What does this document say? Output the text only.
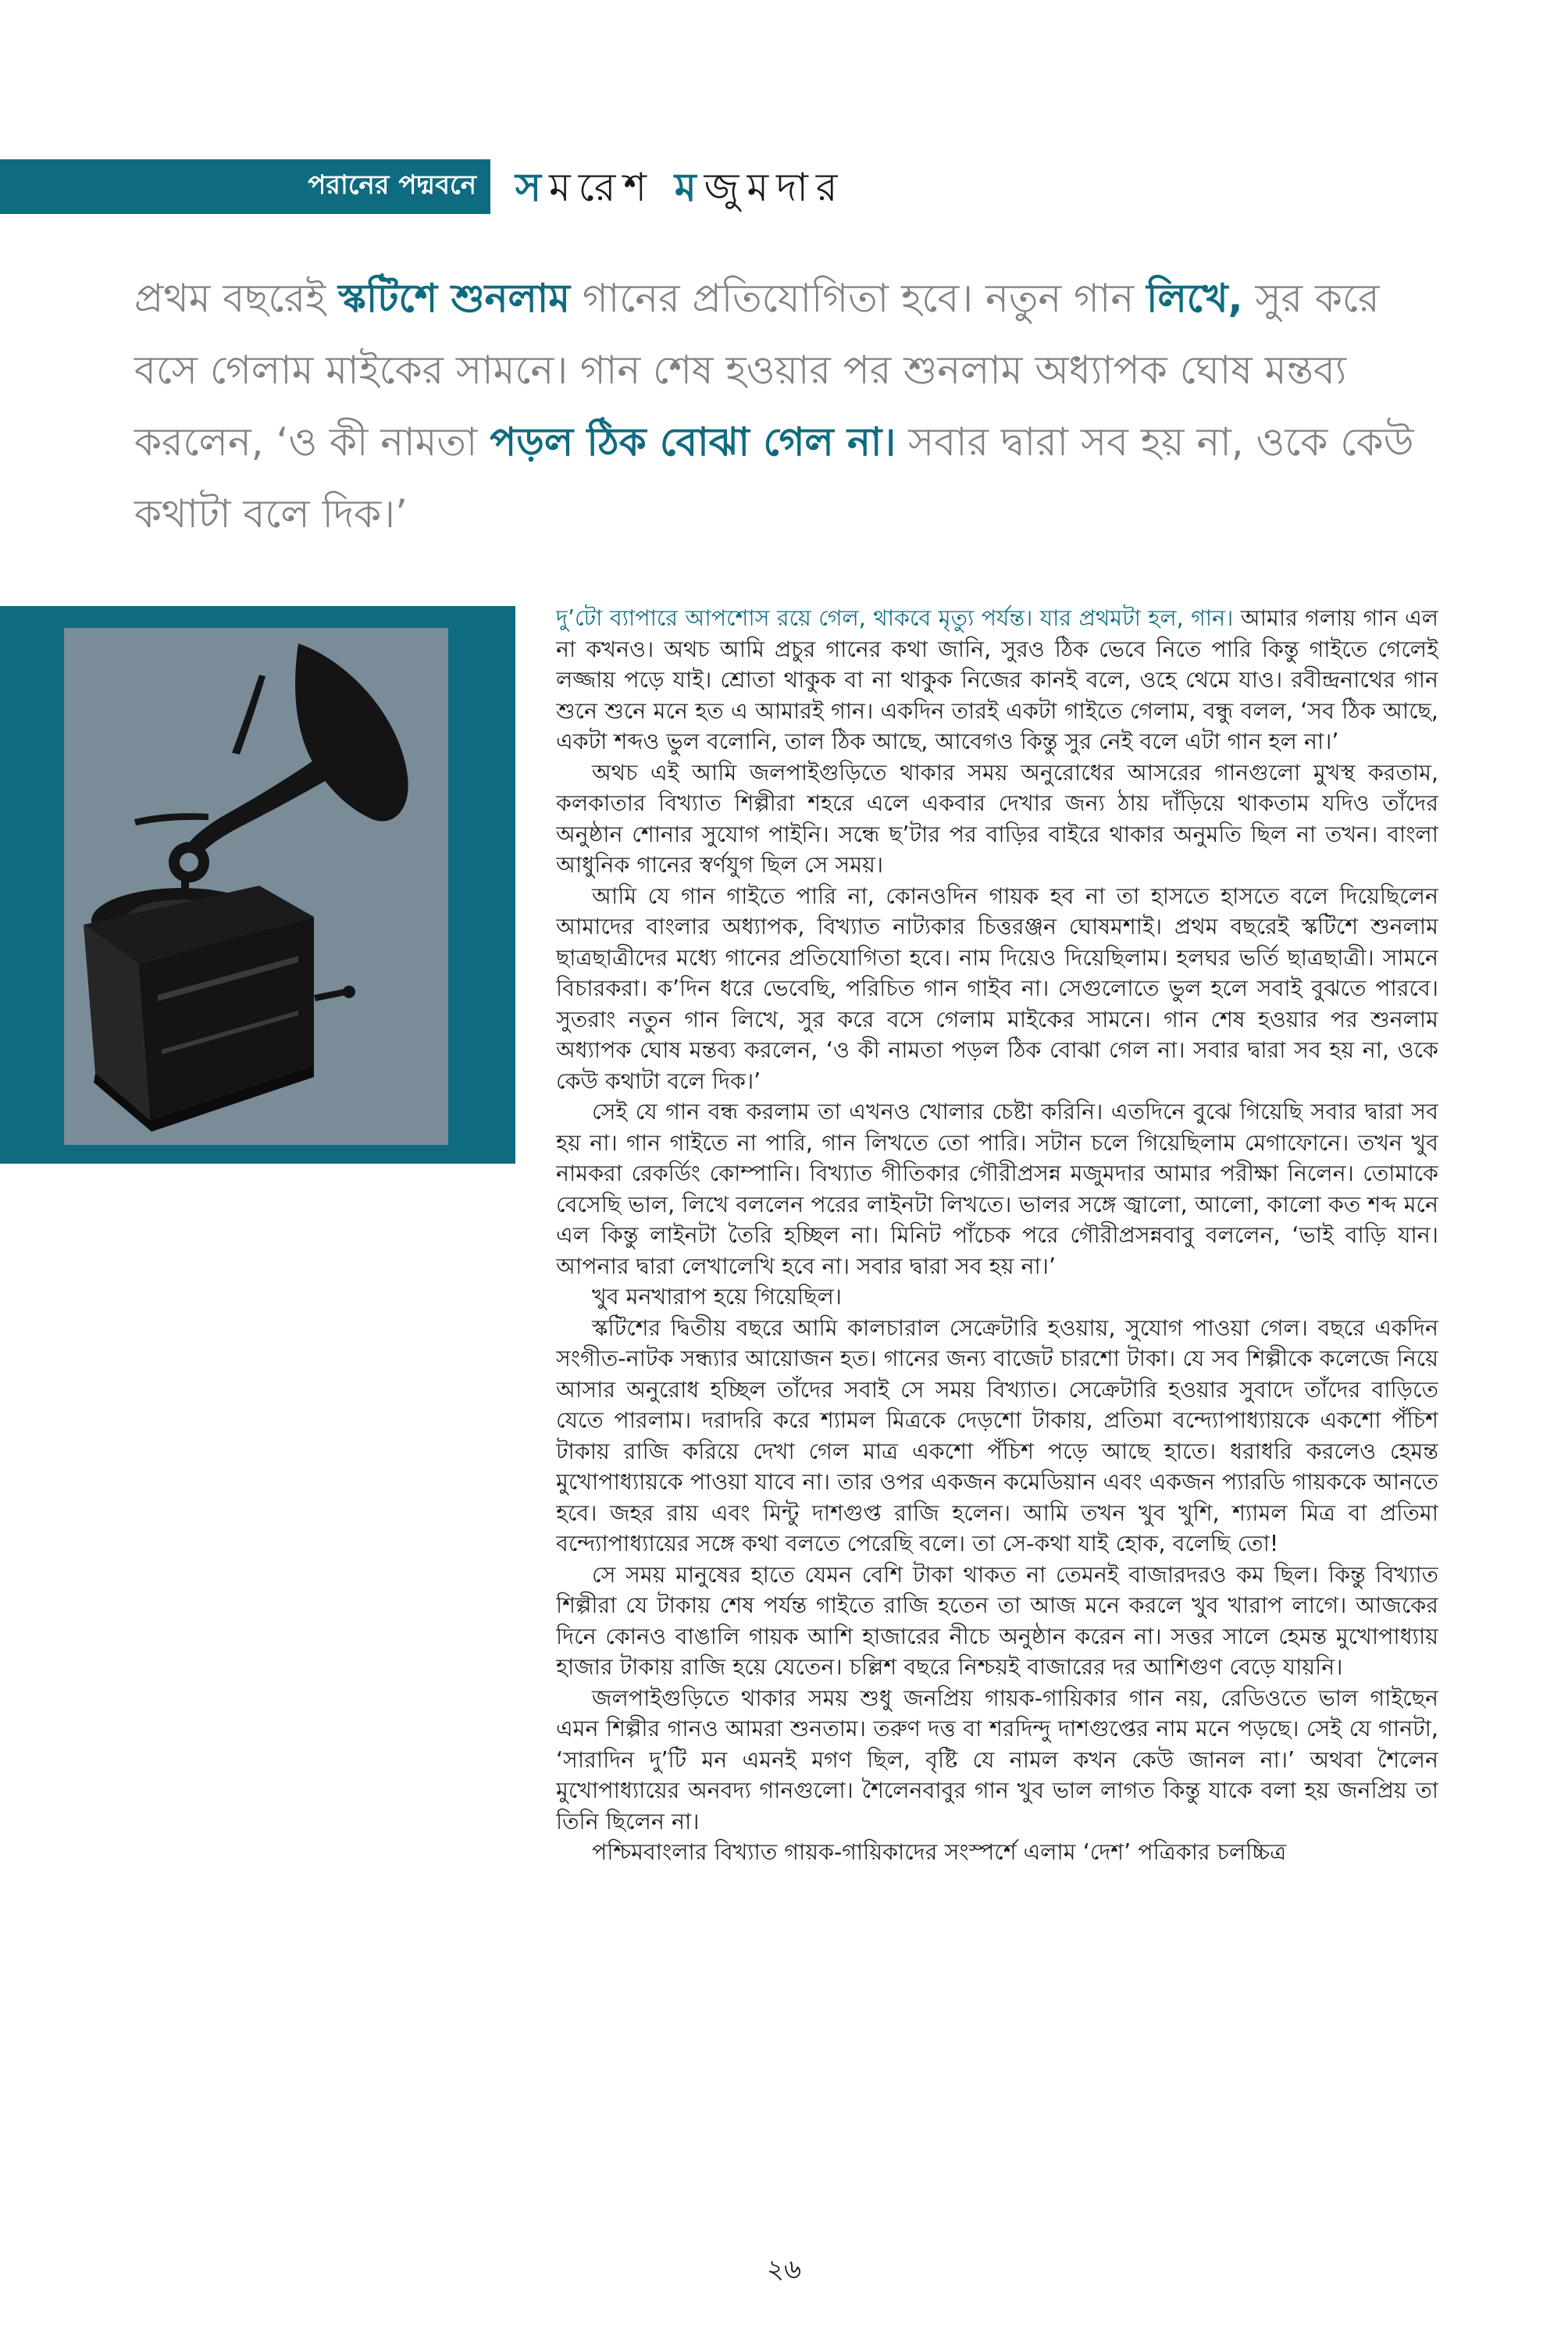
পরানের পদ্মবনে সমরেশ মজুমদার

প্রথম বছরেই স্কটিশে শুনলাম গানের প্রতিযোগিতা হবে। নতুন গান লিখে, সুর করে বসে গেলাম মাইকের সামনে। গান শেষ হওয়ার পর শুনলাম অধ্যাপক ঘোষ মন্তব্য করলেন, ‘ও কী নামতা পড়ল ঠিক বোঝা গেল না। সবার দ্বারা সব হয় না, ওকে কেউ কথাটা বলে দিক।’

দু’টো ব্যাপারে আপশোস রয়ে গেল, থাকবে মৃত্যু পর্যন্ত। যার প্রথমটা হল, গান। আমার গলায় গান এল না কখনও। অথচ আমি প্রচুর গানের কথা জানি, সুরও ঠিক ভেবে নিতে পারি কিন্তু গাইতে গেলেই লজ্জায় পড়ে যাই। শ্রোতা থাকুক বা না থাকুক নিজের কানই বলে, ওহে থেমে যাও। রবীন্দ্রনাথের গান শুনে শুনে মনে হত এ আমারই গান। একদিন তারই একটা গাইতে গেলাম, বন্ধু বলল, ‘সব ঠিক আছে, একটা শব্দও ভুল বলোনি, তাল ঠিক আছে, আবেগও কিন্তু সুর নেই বলে এটা গান হল না।’

অথচ এই আমি জলপাইগুড়িতে থাকার সময় অনুরোধের আসরের গানগুলো মুখস্থ করতাম, কলকাতার বিখ্যাত শিল্পীরা শহরে এলে একবার দেখার জন্য ঠায় দাঁড়িয়ে থাকতাম যদিও তাঁদের অনুষ্ঠান শোনার সুযোগ পাইনি। সন্ধে ছ’টার পর বাড়ির বাইরে থাকার অনুমতি ছিল না তখন। বাংলা আধুনিক গানের স্বর্ণযুগ ছিল সে সময়।

আমি যে গান গাইতে পারি না, কোনওদিন গায়ক হব না তা হাসতে হাসতে বলে দিয়েছিলেন আমাদের বাংলার অধ্যাপক, বিখ্যাত নাট্যকার চিত্তরঞ্জন ঘোষমশাই। প্রথম বছরেই স্কটিশে শুনলাম ছাত্রছাত্রীদের মধ্যে গানের প্রতিযোগিতা হবে। নাম দিয়েও দিয়েছিলাম। হলঘর ভর্তি ছাত্রছাত্রী। সামনে বিচারকরা। ক’দিন ধরে ভেবেছি, পরিচিত গান গাইব না। সেগুলোতে ভুল হলে সবাই বুঝতে পারবে। সুতরাং নতুন গান লিখে, সুর করে বসে গেলাম মাইকের সামনে। গান শেষ হওয়ার পর শুনলাম অধ্যাপক ঘোষ মন্তব্য করলেন, ‘ও কী নামতা পড়ল ঠিক বোঝা গেল না। সবার দ্বারা সব হয় না, ওকে কেউ কথাটা বলে দিক।’

সেই যে গান বন্ধ করলাম তা এখনও খোলার চেষ্টা করিনি। এতদিনে বুঝে গিয়েছি সবার দ্বারা সব হয় না। গান গাইতে না পারি, গান লিখতে তো পারি। সটান চলে গিয়েছিলাম মেগাফোনে। তখন খুব নামকরা রেকর্ডিং কোম্পানি। বিখ্যাত গীতিকার গৌরীপ্রসন্ন মজুমদার আমার পরীক্ষা নিলেন। তোমাকে বেসেছি ভাল, লিখে বললেন পরের লাইনটা লিখতে। ভালর সঙ্গে জ্বালো, আলো, কালো কত শব্দ মনে এল কিন্তু লাইনটা তৈরি হচ্ছিল না। মিনিট পাঁচেক পরে গৌরীপ্রসন্নবাবু বললেন, ‘ভাই বাড়ি যান। আপনার দ্বারা লেখালেখি হবে না। সবার দ্বারা সব হয় না।’

খুব মনখারাপ হয়ে গিয়েছিল।

স্কটিশের দ্বিতীয় বছরে আমি কালচারাল সেক্রেটারি হওয়ায়, সুযোগ পাওয়া গেল। বছরে একদিন সংগীত-নাটক সন্ধ্যার আয়োজন হত। গানের জন্য বাজেট চারশো টাকা। যে সব শিল্পীকে কলেজে নিয়ে আসার অনুরোধ হচ্ছিল তাঁদের সবাই সে সময় বিখ্যাত। সেক্রেটারি হওয়ার সুবাদে তাঁদের বাড়িতে যেতে পারলাম। দরাদরি করে শ্যামল মিত্রকে দেড়শো টাকায়, প্রতিমা বন্দ্যোপাধ্যায়কে একশো পঁচিশ টাকায় রাজি করিয়ে দেখা গেল মাত্র একশো পঁচিশ পড়ে আছে হাতে। ধরাধরি করলেও হেমন্ত মুখোপাধ্যায়কে পাওয়া যাবে না। তার ওপর একজন কমেডিয়ান এবং একজন প্যারডি গায়ককে আনতে হবে। জহর রায় এবং মিন্টু দাশগুপ্ত রাজি হলেন। আমি তখন খুব খুশি, শ্যামল মিত্র বা প্রতিমা বন্দ্যোপাধ্যায়ের সঙ্গে কথা বলতে পেরেছি বলে। তা সে-কথা যাই হোক, বলেছি তো!

সে সময় মানুষের হাতে যেমন বেশি টাকা থাকত না তেমনই বাজারদরও কম ছিল। কিন্তু বিখ্যাত শিল্পীরা যে টাকায় শেষ পর্যন্ত গাইতে রাজি হতেন তা আজ মনে করলে খুব খারাপ লাগে। আজকের দিনে কোনও বাঙালি গায়ক আশি হাজারের নীচে অনুষ্ঠান করেন না। সত্তর সালে হেমন্ত মুখোপাধ্যায় হাজার টাকায় রাজি হয়ে যেতেন। চল্লিশ বছরে নিশ্চয়ই বাজারের দর আশিগুণ বেড়ে যায়নি।

জলপাইগুড়িতে থাকার সময় শুধু জনপ্রিয় গায়ক-গায়িকার গান নয়, রেডিওতে ভাল গাইছেন এমন শিল্পীর গানও আমরা শুনতাম। তরুণ দত্ত বা শরদিন্দু দাশগুপ্তের নাম মনে পড়ছে। সেই যে গানটা, ‘সারাদিন দু’টি মন এমনই মগণ ছিল, বৃষ্টি যে নামল কখন কেউ জানল না।’ অথবা শৈলেন মুখোপাধ্যায়ের অনবদ্য গানগুলো। শৈলেনবাবুর গান খুব ভাল লাগত কিন্তু যাকে বলা হয় জনপ্রিয় তা তিনি ছিলেন না।

পশ্চিমবাংলার বিখ্যাত গায়ক-গায়িকাদের সংস্পর্শে এলাম ‘দেশ’ পত্রিকার চলচ্চিত্র

২৬
